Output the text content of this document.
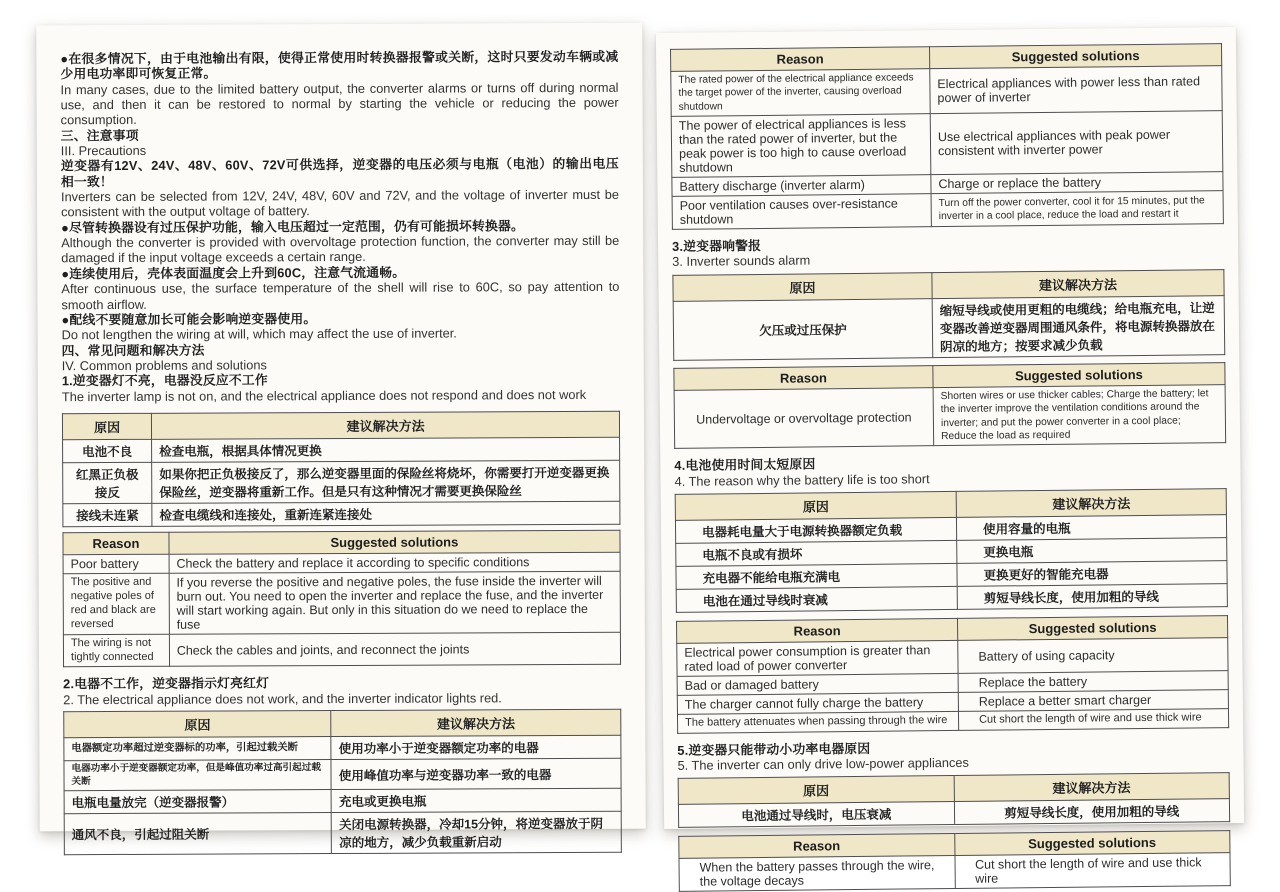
●在很多情况下，由于电池输出有限，使得正常使用时转换器报警或关断，这时只要发动车辆或减少用电功率即可恢复正常。

In many cases, due to the limited battery output, the converter alarms or turns off during normal use, and then it can be restored to normal by starting the vehicle or reducing the power consumption.

三、注意事项

III. Precautions

逆变器有12V、24V、48V、60V、72V可供选择，逆变器的电压必须与电瓶（电池）的输出电压相一致！

Inverters can be selected from 12V, 24V, 48V, 60V and 72V, and the voltage of inverter must be consistent with the output voltage of battery.

●尽管转换器设有过压保护功能，输入电压超过一定范围，仍有可能损坏转换器。

Although the converter is provided with overvoltage protection function, the converter may still be damaged if the input voltage exceeds a certain range.

●连续使用后，壳体表面温度会上升到60C，注意气流通畅。

After continuous use, the surface temperature of the shell will rise to 60C, so pay attention to smooth airflow.

●配线不要随意加长可能会影响逆变器使用。

Do not lengthen the wiring at will, which may affect the use of inverter.

四、常见问题和解决方法

IV. Common problems and solutions

1.逆变器灯不亮，电器没反应不工作

The inverter lamp is not on, and the electrical appliance does not respond and does not work

原因	建议解决方法
电池不良	检查电瓶，根据具体情况更换
红黑正负极接反	如果你把正负极接反了，那么逆变器里面的保险丝将烧坏，你需要打开逆变器更换保险丝，逆变器将重新工作。但是只有这种情况才需要更换保险丝
接线未连紧	检查电缆线和连接处，重新连紧连接处
Reason	Suggested solutions
Poor battery	Check the battery and replace it according to specific conditions
The positive and negative poles of red and black are reversed	If you reverse the positive and negative poles, the fuse inside the inverter will burn out. You need to open the inverter and replace the fuse, and the inverter will start working again. But only in this situation do we need to replace the fuse
The wiring is not tightly connected	Check the cables and joints, and reconnect the joints

2.电器不工作，逆变器指示灯亮红灯

2. The electrical appliance does not work, and the inverter indicator lights red.

原因	建议解决方法
电器额定功率超过逆变器标的功率，引起过载关断	使用功率小于逆变器额定功率的电器
电器功率小于逆变器额定功率，但是峰值功率过高引起过载关断	使用峰值功率与逆变器功率一致的电器
电瓶电量放完（逆变器报警）	充电或更换电瓶
通风不良，引起过阻关断	关闭电源转换器，冷却15分钟，将逆变器放于阴凉的地方，减少负载重新启动
Reason	Suggested solutions
The rated power of the electrical appliance exceeds the target power of the inverter, causing overload shutdown	Electrical appliances with power less than rated power of inverter
The power of electrical appliances is less than the rated power of inverter, but the peak power is too high to cause overload shutdown	Use electrical appliances with peak power consistent with inverter power
Battery discharge (inverter alarm)	Charge or replace the battery
Poor ventilation causes over-resistance shutdown	Turn off the power converter, cool it for 15 minutes, put the inverter in a cool place, reduce the load and restart it

3.逆变器响警报

3. Inverter sounds alarm

原因	建议解决方法
欠压或过压保护	缩短导线或使用更粗的电缆线；给电瓶充电，让逆变器改善逆变器周围通风条件，将电源转换器放在阴凉的地方；按要求减少负载
Reason	Suggested solutions
Undervoltage or overvoltage protection	Shorten wires or use thicker cables; Charge the battery; let the inverter improve the ventilation conditions around the inverter; and put the power converter in a cool place; Reduce the load as required

4.电池使用时间太短原因

4. The reason why the battery life is too short

原因	建议解决方法
电器耗电量大于电源转换器额定负载	使用容量的电瓶
电瓶不良或有损坏	更换电瓶
充电器不能给电瓶充满电	更换更好的智能充电器
电池在通过导线时衰减	剪短导线长度，使用加粗的导线
Reason	Suggested solutions
Electrical power consumption is greater than rated load of power converter	Battery of using capacity
Bad or damaged battery	Replace the battery
The charger cannot fully charge the battery	Replace a better smart charger
The battery attenuates when passing through the wire	Cut short the length of wire and use thick wire

5.逆变器只能带动小功率电器原因

5. The inverter can only drive low-power appliances

原因	建议解决方法
电池通过导线时，电压衰减	剪短导线长度，使用加粗的导线
Reason	Suggested solutions
When the battery passes through the wire, the voltage decays	Cut short the length of wire and use thick wire
